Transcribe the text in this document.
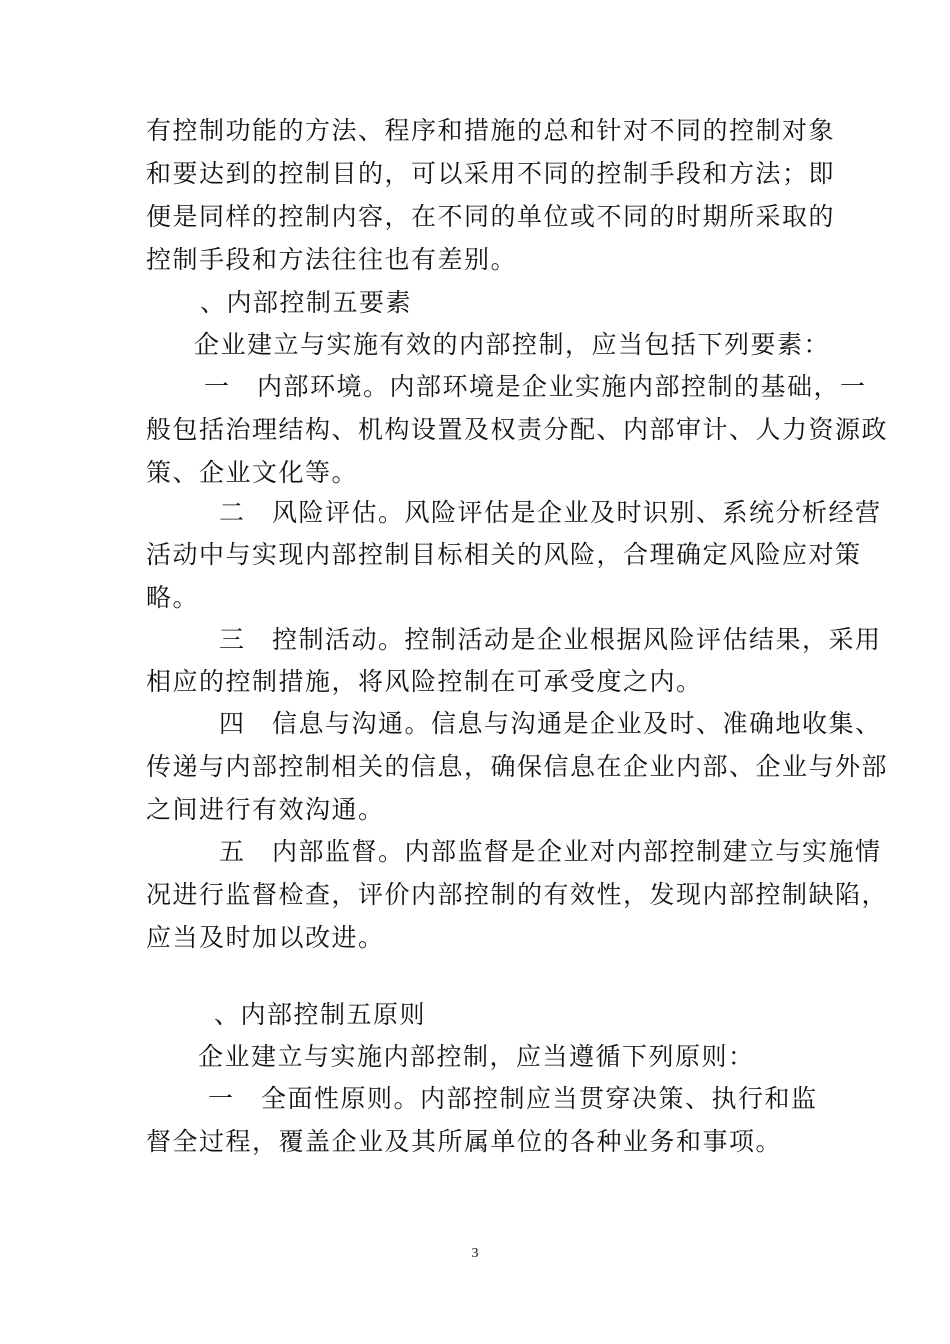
有控制功能的方法、程序和措施的总和针对不同的控制对象
和要达到的控制目的，可以采用不同的控制手段和方法；即
便是同样的控制内容，在不同的单位或不同的时期所采取的
控制手段和方法往往也有差别。
、内部控制五要素
企业建立与实施有效的内部控制，应当包括下列要素：
一　内部环境。内部环境是企业实施内部控制的基础，一
般包括治理结构、机构设置及权责分配、内部审计、人力资源政
策、企业文化等。
二　风险评估。风险评估是企业及时识别、系统分析经营
活动中与实现内部控制目标相关的风险，合理确定风险应对策
略。
三　控制活动。控制活动是企业根据风险评估结果，采用
相应的控制措施，将风险控制在可承受度之内。
四　信息与沟通。信息与沟通是企业及时、准确地收集、
传递与内部控制相关的信息，确保信息在企业内部、企业与外部
之间进行有效沟通。
五　内部监督。内部监督是企业对内部控制建立与实施情
况进行监督检查，评价内部控制的有效性，发现内部控制缺陷，
应当及时加以改进。
、内部控制五原则
企业建立与实施内部控制，应当遵循下列原则：
一　全面性原则。内部控制应当贯穿决策、执行和监
督全过程，覆盖企业及其所属单位的各种业务和事项。
3
